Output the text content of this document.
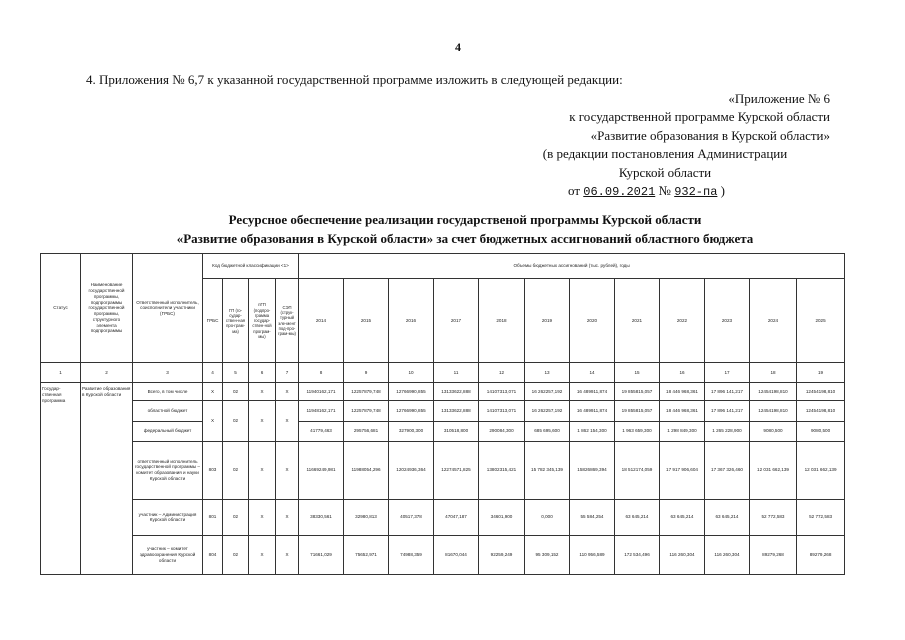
4
4. Приложения № 6,7 к указанной государственной программе изложить в следующей редакции:
«Приложение № 6
к государственной программе Курской области
«Развитие образования в Курской области»
(в редакции постановления Администрации
Курской области
от 06.09.2021 № 932-па )
Ресурсное обеспечение реализации государственой программы Курской области
«Развитие образования в Курской области» за счет бюджетных ассигнований областного бюджета
Статус	Наименование государственной программы, подпрограммы государственной программы, структурного элемента подпрограммы	Ответственный исполнитель, соисполнители участники (ГРБС)	Код бюджетной классификации <1>				Объемы бюджетных ассигнований (тыс. рублей), годы											
			ГРБС	ГП (го-судар-ствен-ная про-грам-ма)	пГП (подпро-грамма государ-ствен-ной програм-мы)	СЭП (струк-турный эле-мент под-про-грам-мы)	2014	2015	2016	2017	2018	2019	2020	2021	2022	2023	2024	2025
1	2	3	4	5	6	7	8	9	10	11	12	13	14	15	16	17	18	19
Государ-ственная программа	Развитие образования в Курской области	Всего, в том числе	X	02	X	X	11940162,171	12257879,748	12766990,855	13133622,888	14107313,071	16 262257,192	16 489911,874	19 855815,057	18 446 968,361	17 896 141,217	12454198,810	12454198,810
		областной бюджет	X	02	X	X	11948162,171	12257879,748	12766990,855	13133622,888	14107313,071	16 262257,192	16 489911,874	19 855815,057	18 446 968,361	17 896 141,217	12454198,810	12454198,810
		федеральный бюджет					41779,463	295756,681	327900,300	310518,800	290084,300	685 695,600	1 862 154,300	1 963 659,300	1 298 849,300	1 265 228,900	9080,500	9080,500
		ответственный исполнитель государственной программы – комитет образования и науки Курской области	803	02	X	X	11669249,981	11988054,296	12024936,364	12274571,825	13802315,421	15 782 345,139	15826869,394	18 512174,059	17 917 906,604	17 367 326,460	12 031 662,139	12 031 662,139
		участник – Администрация Курской области	801	02	X	X	38330,561	32980,813	40517,378	47047,187	34601,900	0,000	55 584,254	63 645,214	63 645,214	63 645,214	52 772,583	52 772,583
		участник – комитет здравоохранения Курской области	804	02	X	X	71661,029	75652,971	74988,359	81670,044	92259,249	95 309,152	110 956,589	172 534,496	116 260,304	116 260,304	89279,268	89279,268
